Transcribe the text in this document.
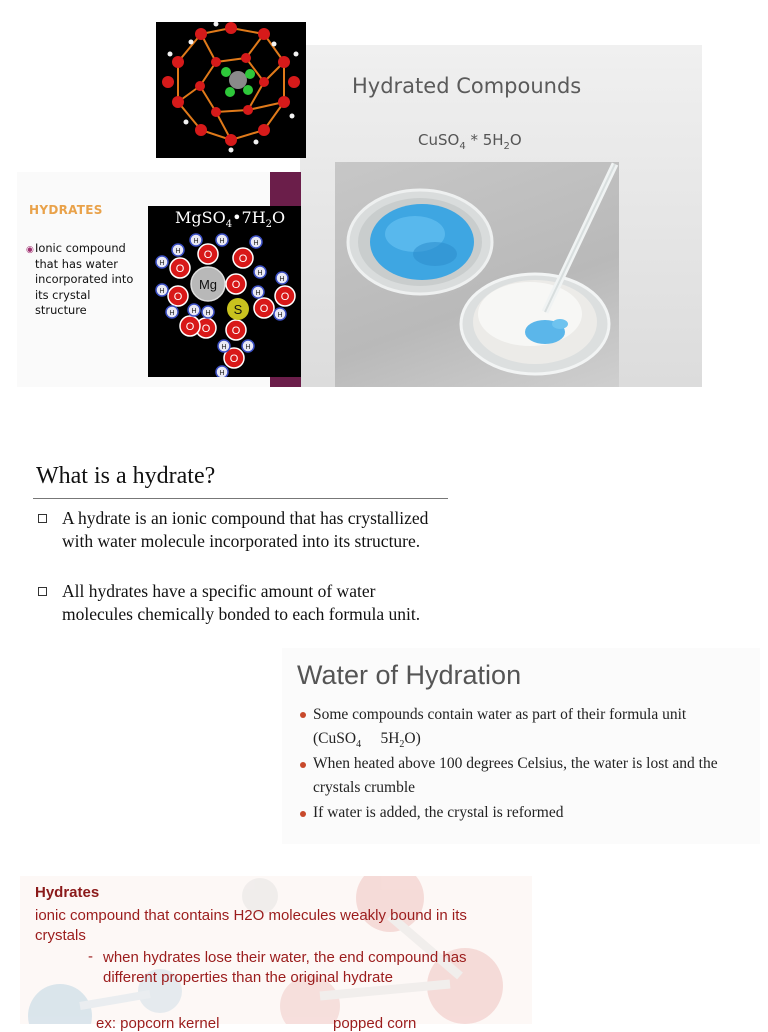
Hydrated Compounds
CuSO$_4$ * $5H_2O$
HYDRATES
◉ Ionic compound that has water incorporated into its crystal structure
O
O O
O
O
O
O O
O
O
O
H
H	H	H
H
H
H
H
H
H	H
H	H
H
H
H
Mg
S
$MgSO_4•7H_2O$
What is a hydrate?
A hydrate is an ionic compound that has crystallized with water molecule incorporated into its structure.
All hydrates have a specific amount of water molecules chemically bonded to each formula unit.
Water of Hydration
Some compounds contain water as part of their formula unit
(CuSO$_4$     $5H_2O$)
When heated above 100 degrees Celsius, the water is lost and the crystals crumble
If water is added, the crystal is reformed
Hydrates
ionic compound that contains H2O molecules weakly bound in its crystals
- when hydrates lose their water, the end compound has different properties than the original hydrate
ex: popcorn kernel	popped corn
